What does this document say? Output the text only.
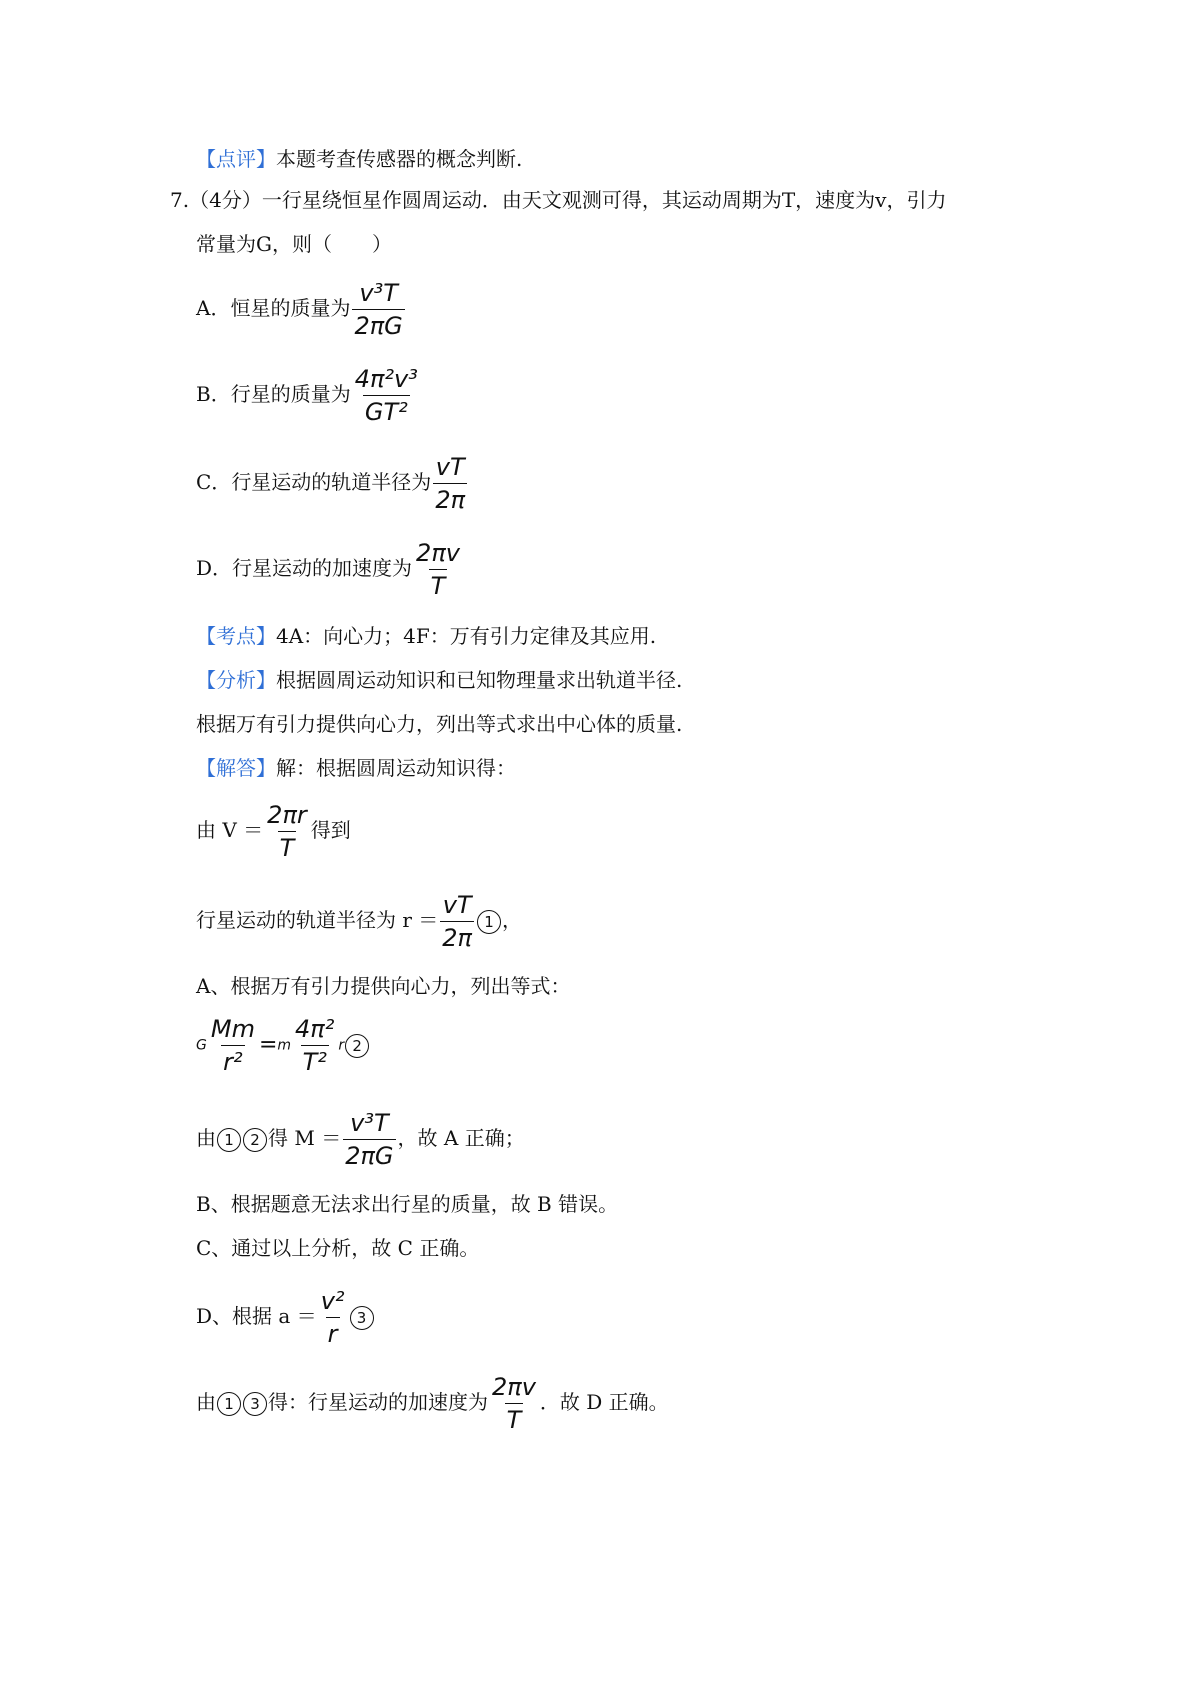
【点评】本题考查传感器的概念判断.
7.（4分）一行星绕恒星作圆周运动．由天文观测可得，其运动周期为T，速度为v，引力
常量为G，则（　　）
A．恒星的质量为 $\frac{\text{v³T}}{2\pi G}$
B．行星的质量为 $\frac{\text{4π²v³}}{\text{GT²}}$
C．行星运动的轨道半径为 $\frac{vT}{2\pi}$
D．行星运动的加速度为 $\frac{2\pi v}{T}$
【考点】4A：向心力；4F：万有引力定律及其应用.
【分析】根据圆周运动知识和已知物理量求出轨道半径.
根据万有引力提供向心力，列出等式求出中心体的质量.
【解答】解：根据圆周运动知识得：
由 $V = \frac{2\pi r}{T}$ 得到
行星运动的轨道半径为 $r = \frac{vT}{2\pi} 1$ ，
A、根据万有引力提供向心力，列出等式：
G $\frac{Mm}{\text{r²}} =m \frac{\text{4π²}}{\text{T²}}$ r 2
由 1 2 得 $M = \frac{\text{v³T}}{2\pi G}$ ，故 A 正确；
B、根据题意无法求出行星的质量，故 B 错误。
C、通过以上分析，故 C 正确。
D、根据 $a = \frac{\text{v²}}{r} 3$
由 1 3 得：行星运动的加速度为 $\frac{2\pi v}{T}$ ．故 D 正确。
